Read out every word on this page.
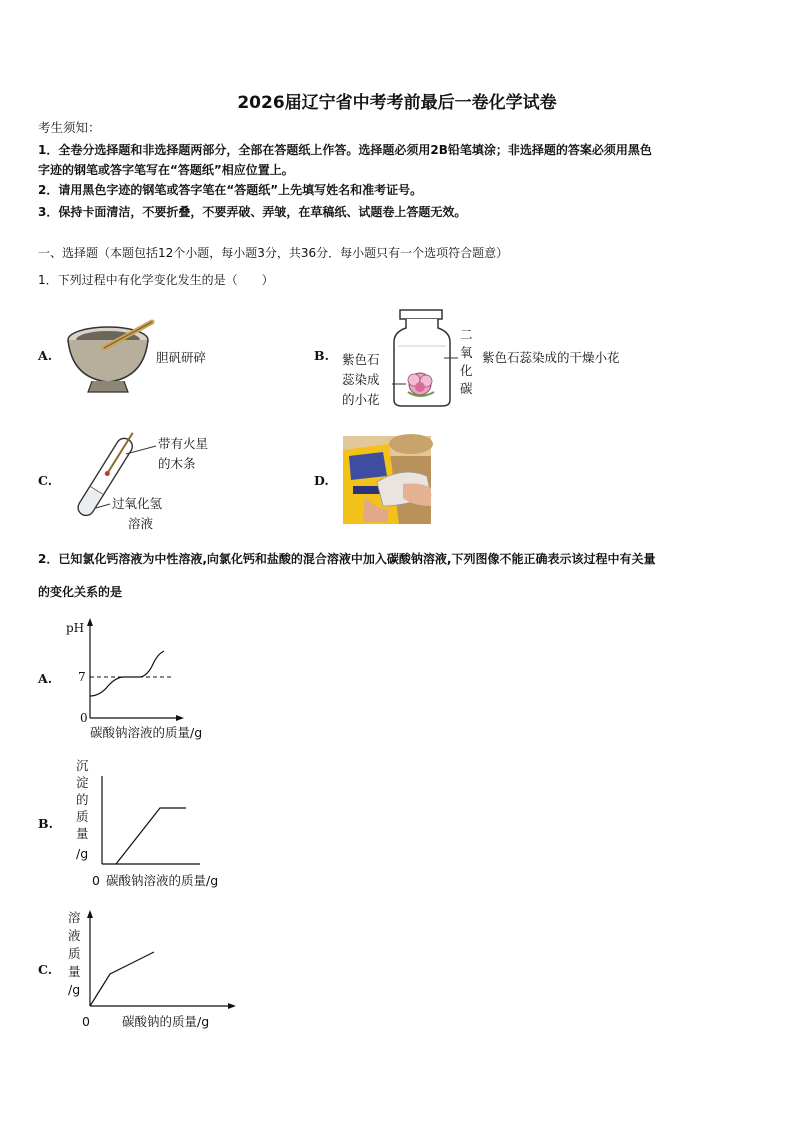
2026届辽宁省中考考前最后一卷化学试卷
考生须知：
1．全卷分选择题和非选择题两部分，全部在答题纸上作答。选择题必须用2B铅笔填涂；非选择题的答案必须用黑色
字迹的钢笔或答字笔写在“答题纸”相应位置上。
2．请用黑色字迹的钢笔或答字笔在“答题纸”上先填写姓名和准考证号。
3．保持卡面清洁，不要折叠，不要弄破、弄皱，在草稿纸、试题卷上答题无效。
一、选择题（本题包括12个小题，每小题3分，共36分．每小题只有一个选项符合题意）
1．下列过程中有化学变化发生的是（　　）
A.	胆矾研碎	B. 紫色石
蕊染成
的小花
二
氧
化
碳
紫色石蕊染成的干燥小花
C.
带有火星
的木条
过氧化氢
溶液
D.
2．已知氯化钙溶液为中性溶液,向氯化钙和盐酸的混合溶液中加入碳酸钠溶液,下列图像不能正确表示该过程中有关量
的变化关系的是
A.
pH
7
0
碳酸钠溶液的质量/g
B.
沉
淀
的
质
量
/g
0 碳酸钠溶液的质量/g
C.
溶
液
质
量
/g
0	碳酸钠的质量/g
